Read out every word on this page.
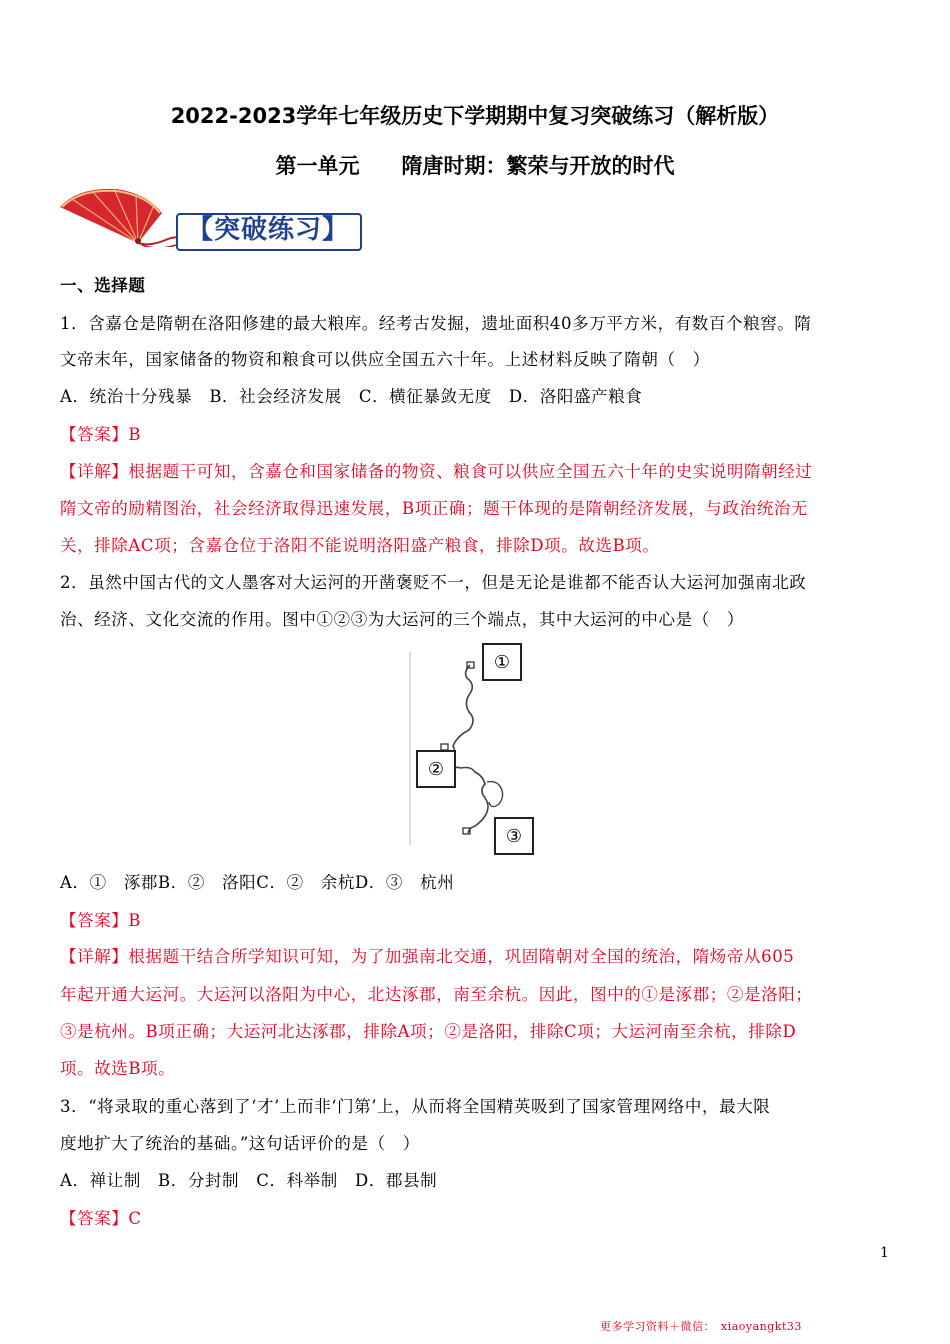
2022-2023学年七年级历史下学期期中复习突破练习（解析版）
第一单元　　隋唐时期：繁荣与开放的时代
【突破练习】
一、选择题
1．含嘉仓是隋朝在洛阳修建的最大粮库。经考古发掘，遗址面积40多万平方米，有数百个粮窖。隋
文帝末年，国家储备的物资和粮食可以供应全国五六十年。上述材料反映了隋朝（　）
A．统治十分残暴　B．社会经济发展　C．横征暴敛无度　D．洛阳盛产粮食
【答案】B
【详解】根据题干可知，含嘉仓和国家储备的物资、粮食可以供应全国五六十年的史实说明隋朝经过
隋文帝的励精图治，社会经济取得迅速发展，B项正确；题干体现的是隋朝经济发展，与政治统治无
关，排除AC项；含嘉仓位于洛阳不能说明洛阳盛产粮食，排除D项。故选B项。
2．虽然中国古代的文人墨客对大运河的开凿褒贬不一，但是无论是谁都不能否认大运河加强南北政
治、经济、文化交流的作用。图中①②③为大运河的三个端点，其中大运河的中心是（　）
①
②
③
A．①　涿郡B．②　洛阳C．②　余杭D．③　杭州
【答案】B
【详解】根据题干结合所学知识可知，为了加强南北交通，巩固隋朝对全国的统治，隋炀帝从605
年起开通大运河。大运河以洛阳为中心，北达涿郡，南至余杭。因此，图中的①是涿郡；②是洛阳；
③是杭州。B项正确；大运河北达涿郡，排除A项；②是洛阳，排除C项；大运河南至余杭，排除D
项。故选B项。
3．“将录取的重心落到了‘才’上而非‘门第’上，从而将全国精英吸到了国家管理网络中，最大限
度地扩大了统治的基础。”这句话评价的是（　）
A．禅让制　B．分封制　C．科举制　D．郡县制
【答案】C
1
更多学习资料＋微信：　xiaoyangkt33
